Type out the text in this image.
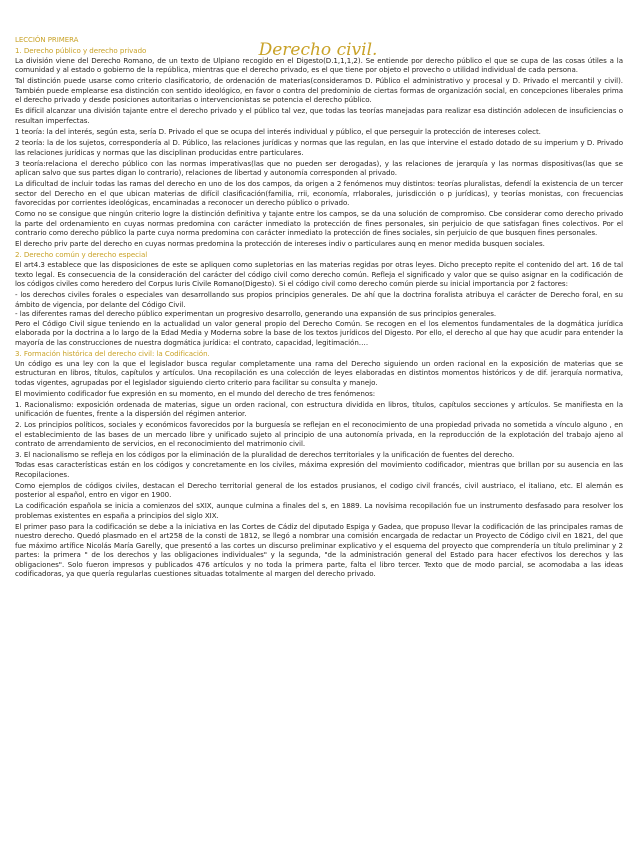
Derecho civil.
LECCIÓN PRIMERA
1. Derecho público y derecho privado

La división viene del Derecho Romano, de un texto de Ulpiano recogido en el Digesto(D.1,1,1,2). Se entiende por derecho público el que se cupa de las cosas útiles a la comunidad y al estado o gobierno de la república, mientras que el derecho privado, es el que tiene por objeto el provecho o utilidad individual de cada persona.

Tal distinción puede usarse como criterio clasificatorio, de ordenación de materias(consideramos D. Público el administrativo y procesal y D. Privado el mercantil y civil). También puede emplearse esa distinción con sentido ideológico, en favor o contra del predominio de ciertas formas de organización social, en concepciones liberales prima el derecho privado y desde posiciones autoritarias o intervencionistas se potencia el derecho público.

Es difícil alcanzar una división tajante entre el derecho privado y el público tal vez, que todas las teorías manejadas para realizar esa distinción adolecen de insuficiencias o resultan imperfectas.

1 teoría: la del interés, según esta, sería D. Privado el que se ocupa del interés individual y público, el que perseguir la protección de intereses colect.

2 teoría: la de los sujetos, correspondería al D. Público, las relaciones jurídicas y normas que las regulan, en las que intervine el estado dotado de su imperium y D. Privado las relaciones jurídicas y normas que las disciplinan producidas entre particulares.

3 teoría:relaciona el derecho público con las normas imperativas(las que no pueden ser derogadas), y las relaciones de jerarquía y las normas dispositivas(las que se aplican salvo que sus partes digan lo contrario), relaciones de libertad y autonomía corresponden al privado.

La dificultad de incluir todas las ramas del derecho en uno de los dos campos, da origen a 2 fenómenos muy distintos: teorías pluralistas, defendí la existencia de un tercer sector del Derecho en el que ubican materias de difícil clasificación(familia, rrii, economía, rrlaborales, jurisdicción o p jurídicas), y teorías monistas, con frecuencias favorecidas por corrientes ideológicas, encaminadas a reconocer un derecho público o privado.

Como no se consigue que ningún criterio logre la distinción definitiva y tajante entre los campos, se da una solución de compromiso. Cbe considerar como derecho privado la parte del ordenamiento en cuyas normas predomina con carácter inmediato la protección de fines personales, sin perjuicio de que satisfagan fines colectivos. Por el contrario como derecho público la parte cuya norma predomina con carácter inmediato la protección de fines sociales, sin perjuicio de que busquen fines personales.

El derecho priv parte del derecho en cuyas normas predomina la protección de intereses indiv o particulares aunq en menor medida busquen sociales.

2. Derecho común y derecho especial

El art4.3 establece que las disposiciones de este se apliquen como supletorias en las materias regidas por otras leyes. Dicho precepto repite el contenido del art. 16 de tal texto legal. Es consecuencia de la consideración del carácter del código civil como derecho común. Refleja el significado y valor que se quiso asignar en la codificación de los códigos civiles como heredero del Corpus Iuris Civile Romano(Digesto). Si el código civil como derecho común pierde su inicial importancia por 2 factores:

- los derechos civiles forales o especiales van desarrollando sus propios principios generales. De ahí que la doctrina foralista atribuya el carácter de Derecho foral, en su ámbito de vigencia, por delante del Código Civil.

- las diferentes ramas del derecho público experimentan un progresivo desarrollo, generando una expansión de sus principios generales.

Pero el Código Civil sigue teniendo en la actualidad un valor general propio del Derecho Común. Se recogen en el los elementos fundamentales de la dogmática jurídica elaborada por la doctrina a lo largo de la Edad Media y Moderna sobre la base de los textos jurídicos del Digesto. Por ello, el derecho al que hay que acudir para entender la mayoría de las construcciones de nuestra dogmática jurídica: el contrato, capacidad, legitimación….

3. Formación histórica del derecho civil: la Codificación.

Un código es una ley con la que el legislador busca regular completamente una rama del Derecho siguiendo un orden racional en la exposición de materias que se estructuran en libros, títulos, capítulos y artículos. Una recopilación es una colección de leyes elaboradas en distintos momentos históricos y de dif. jerarquía normativa, todas vigentes, agrupadas por el legislador siguiendo cierto criterio para facilitar su consulta y manejo.

El movimiento codificador fue expresión en su momento, en el mundo del derecho de tres fenómenos:

1. Racionalismo: exposición ordenada de materias, sigue un orden racional, con estructura dividida en libros, títulos, capítulos secciones y artículos. Se manifiesta en la unificación de fuentes, frente a la dispersión del régimen anterior.

2. Los principios políticos, sociales y económicos favorecidos por la burguesía se reflejan en el reconocimiento de una propiedad privada no sometida a vínculo alguno , en el establecimiento de las bases de un mercado libre y unificado sujeto al principio de una autonomía privada, en la reproducción de la explotación del trabajo ajeno al contrato de arrendamiento de servicios, en el reconocimiento del matrimonio civil.

3. El nacionalismo se refleja en los códigos por la eliminación de la pluralidad de derechos territoriales y la unificación de fuentes del derecho.

Todas esas características están en los códigos y concretamente en los civiles, máxima expresión del movimiento codificador, mientras que brillan por su ausencia en las Recopilaciones.

Como ejemplos de códigos civiles, destacan el Derecho territorial general de los estados prusianos, el codigo civil francés, civil austriaco, el italiano, etc. El alemán es posterior al español, entro en vigor en 1900.

La codificación española se inicia a comienzos del sXIX, aunque culmina a finales del s, en 1889. La novísima recopilación fue un instrumento desfasado para resolver los problemas existentes en españa a principios del siglo XIX.

El primer paso para la codificación se debe a la iniciativa en las Cortes de Cádiz del diputado Espiga y Gadea, que propuso llevar la codificación de las principales ramas de nuestro derecho. Quedó plasmado en el art258 de la consti de 1812, se llegó a nombrar una comisión encargada de redactar un Proyecto de Código civil en 1821, del que fue máximo artífice Nicolás María Garelly, que presentó a las cortes un discurso preliminar explicativo y el esquema del proyecto que comprendería un título preliminar y 2 partes: la primera " de los derechos y las obligaciones individuales" y la segunda, "de la administración general del Estado para hacer efectivos los derechos y las obligaciones". Solo fueron impresos y publicados 476 artículos y no toda la primera parte, falta el libro tercer. Texto que de modo parcial, se acomodaba a las ideas codificadoras, ya que quería regularlas cuestiones situadas totalmente al margen del derecho privado.
